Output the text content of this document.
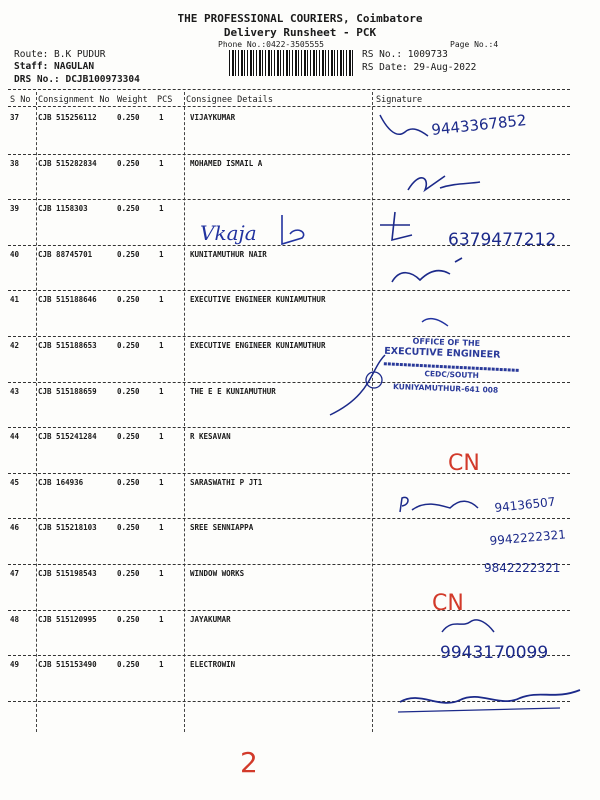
THE PROFESSIONAL COURIERS, Coimbatore
Delivery Runsheet - PCK
Phone No.:0422-3505555	Page No.:4
Route: B.K PUDUR
Staff: NAGULAN
DRS No.: DCJB100973304
RS No.: 1009733
RS Date: 29-Aug-2022
S No Consignment No Weight PCS Consignee Details	Signature
37	CJB 515256112	0.250	1	VIJAYKUMAR
38	CJB 515282834	0.250	1	MOHAMED ISMAIL A
39	CJB 1158303	0.250	1
40	CJB 88745701	0.250	1	KUNITAMUTHUR NAIR
41	CJB 515188646	0.250	1	EXECUTIVE ENGINEER KUNIAMUTHUR
42	CJB 515188653	0.250	1	EXECUTIVE ENGINEER KUNIAMUTHUR
43	CJB 515188659	0.250	1	THE E E KUNIAMUTHUR
44	CJB 515241284	0.250	1	R KESAVAN
45	CJB 164936	0.250	1	SARASWATHI P JT1
46	CJB 515218103	0.250	1	SREE SENNIAPPA
47	CJB 515198543	0.250	1	WINDOW WORKS
48	CJB 515120995	0.250	1	JAYAKUMAR
49	CJB 515153490	0.250	1	ELECTROWIN
9443367852
Vkaja	6379477212
OFFICE OF THE
EXECUTIVE ENGINEER
CEDC/SOUTH
KUNIYAMUTHUR-641 008
CN
94136507
9942222321
9842222321
CN
9943170099
2
